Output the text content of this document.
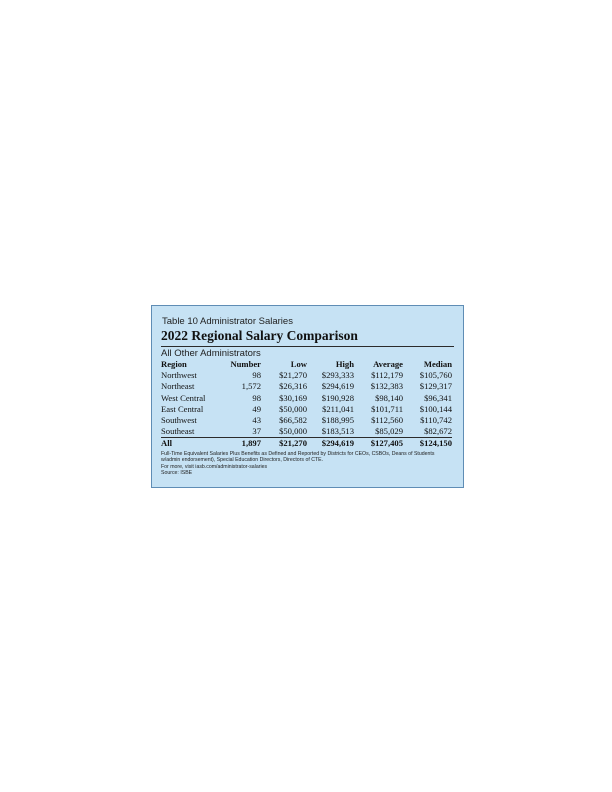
Table 10 Administrator Salaries
2022 Regional Salary Comparison
All Other Administrators
Region	Number	Low	High	Average	Median
Northwest	98	$21,270	$293,333	$112,179	$105,760
Northeast	1,572	$26,316	$294,619	$132,383	$129,317
West Central	98	$30,169	$190,928	$98,140	$96,341
East Central	49	$50,000	$211,041	$101,711	$100,144
Southwest	43	$66,582	$188,995	$112,560	$110,742
Southeast	37	$50,000	$183,513	$85,029	$82,672
All	1,897	$21,270	$294,619	$127,405	$124,150
Full-Time Equivalent Salaries Plus Benefits as Defined and Reported by Districts for CEOs, CSBOs, Deans of Students w/admin endorsement), Special Education Directors, Directors of CTE.
For more, visit iasb.com/administrator-salaries
Source: ISBE
